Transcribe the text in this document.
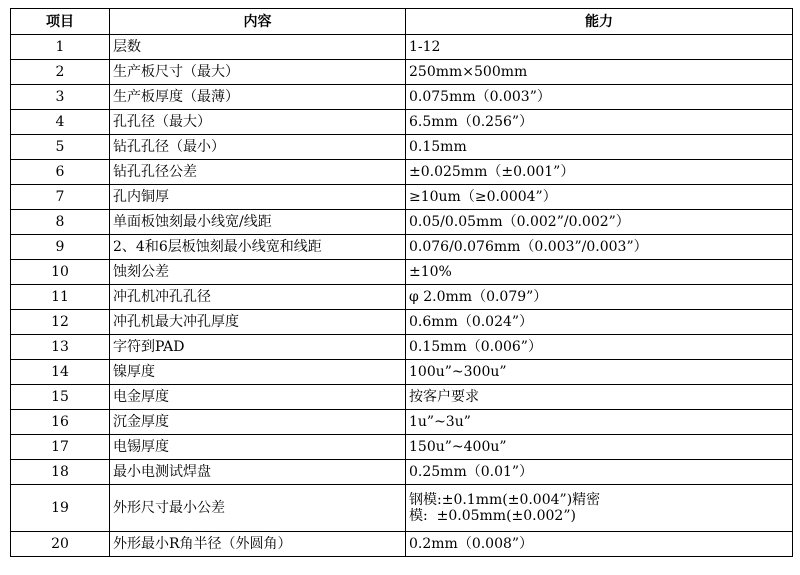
项目	内容	能力
1	层数	1-12

2	生产板尺寸（最大）	250mm×500mm

3	生产板厚度（最薄）	0.075mm（0.003”）

4	孔孔径（最大）	6.5mm（0.256”）

5	钻孔孔径（最小）	0.15mm

6	钻孔孔径公差	±0.025mm（±0.001”）

7	孔内铜厚	≥10um（≥0.0004”）

8	单面板蚀刻最小线宽/线距	0.05/0.05mm（0.002”/0.002”）

9	2、4和6层板蚀刻最小线宽和线距	0.076/0.076mm（0.003”/0.003”）

10	蚀刻公差	±10%

11	冲孔机冲孔孔径	φ 2.0mm（0.079”）

12	冲孔机最大冲孔厚度	0.6mm（0.024”）

13	字符到PAD	0.15mm（0.006”）

14	镍厚度	100u”~300u”

15	电金厚度	按客户要求

16	沉金厚度	1u”~3u”

17	电锡厚度	150u”~400u”

18	最小电测试焊盘	0.25mm（0.01”）

19	外形尺寸最小公差	钢模:±0.1mm(±0.004”)精密
模:  ±0.05mm(±0.002”)

20	外形最小R角半径（外圆角）	0.2mm（0.008”）
